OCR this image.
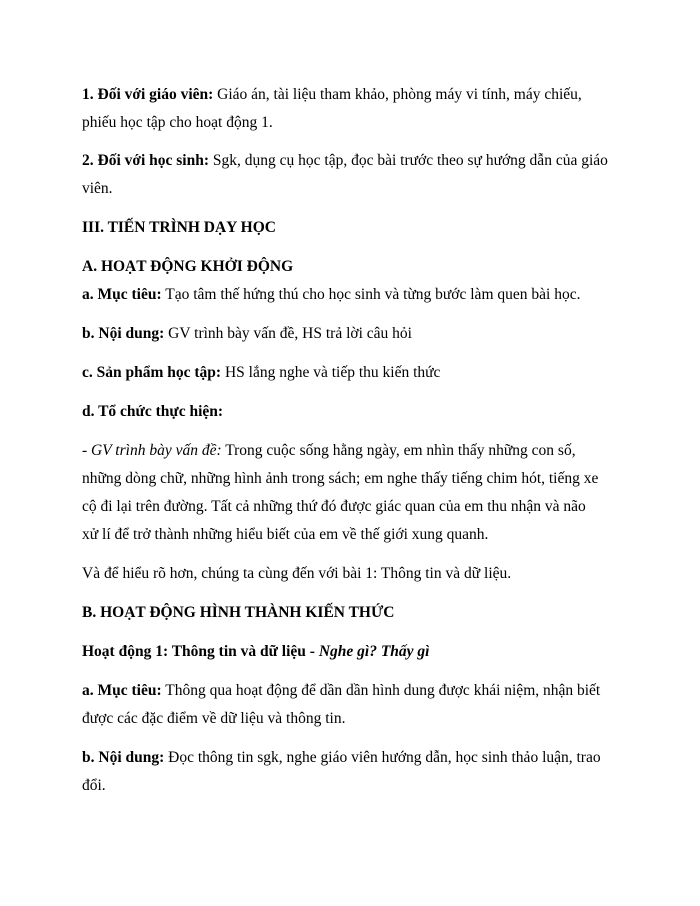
1. Đối với giáo viên: Giáo án, tài liệu tham khảo, phòng máy vi tính, máy chiếu,
phiếu học tập cho hoạt động 1.
2. Đối với học sinh: Sgk, dụng cụ học tập, đọc bài trước theo sự hướng dẫn của giáo
viên.
III. TIẾN TRÌNH DẠY HỌC
A. HOẠT ĐỘNG KHỞI ĐỘNG
a. Mục tiêu: Tạo tâm thế hứng thú cho học sinh và từng bước làm quen bài học.
b. Nội dung: GV trình bày vấn đề, HS trả lời câu hỏi
c. Sản phẩm học tập: HS lắng nghe và tiếp thu kiến thức
d. Tổ chức thực hiện:
- GV trình bày vấn đề: Trong cuộc sống hằng ngày, em nhìn thấy những con số,
những dòng chữ, những hình ảnh trong sách; em nghe thấy tiếng chim hót, tiếng xe
cộ đi lại trên đường. Tất cả những thứ đó được giác quan của em thu nhận và não
xử lí để trở thành những hiểu biết của em về thế giới xung quanh.
Và để hiểu rõ hơn, chúng ta cùng đến với bài 1: Thông tin và dữ liệu.
B. HOẠT ĐỘNG HÌNH THÀNH KIẾN THỨC
Hoạt động 1: Thông tin và dữ liệu - Nghe gì? Thấy gì
a. Mục tiêu: Thông qua hoạt động để dần dần hình dung được khái niệm, nhận biết
được các đặc điểm về dữ liệu và thông tin.
b. Nội dung: Đọc thông tin sgk, nghe giáo viên hướng dẫn, học sinh thảo luận, trao
đổi.
